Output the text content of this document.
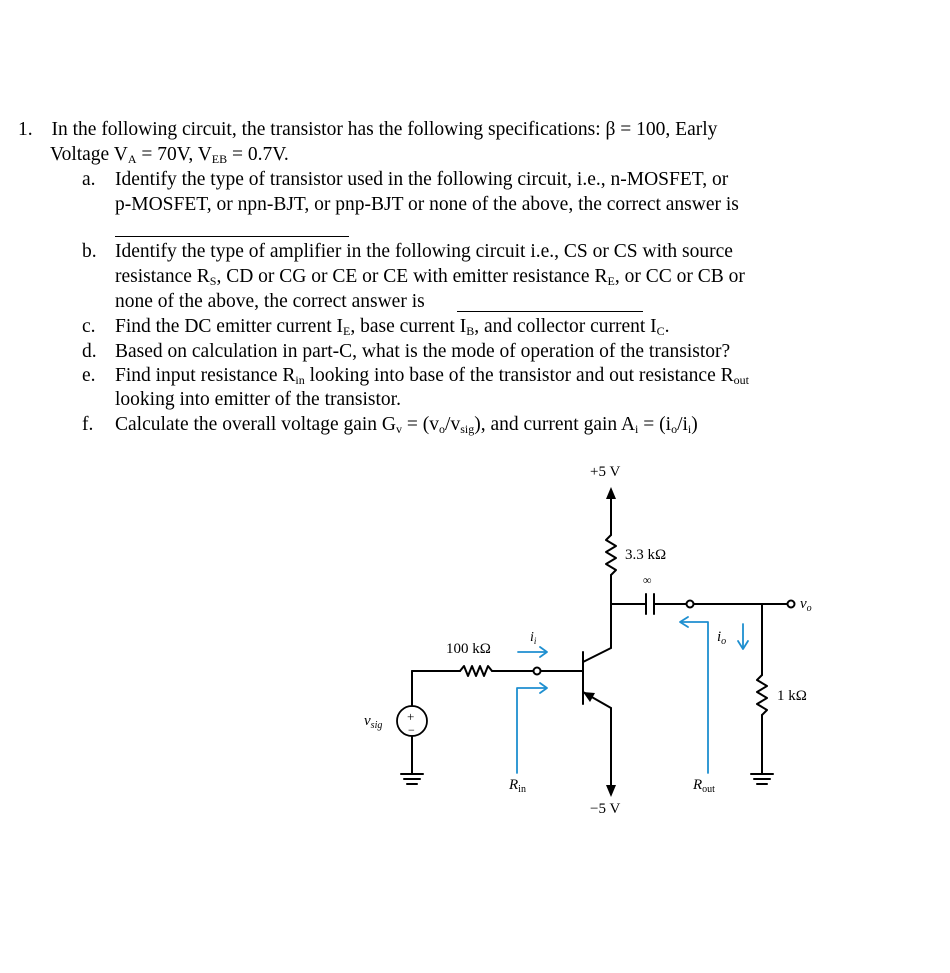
1. In the following circuit, the transistor has the following specifications: β = 100, Early
Voltage $V_A = 70V$, $V_{EB} = 0.7V$.
a. Identify the type of transistor used in the following circuit, i.e., n-MOSFET, or
p-MOSFET, or npn-BJT, or pnp-BJT or none of the above, the correct answer is
b. Identify the type of amplifier in the following circuit i.e., CS or CS with source
resistance $R_S$, CD or CG or CE or CE with emitter resistance $R_E$, or CC or CB or
none of the above, the correct answer is
c. Find the DC emitter current $I_E$, base current $I_B$, and collector current $I_C$.
d. Based on calculation in part-C, what is the mode of operation of the transistor?
e. Find input resistance $R_{in}$ looking into base of the transistor and out resistance $R_{out}$
looking into emitter of the transistor.
f. Calculate the overall voltage gain $G_v = (v_o/v_{sig})$, and current gain $A_i = (i_o/i_i)$
+5 V
−5 V
3.3 kΩ
∞
100 kΩ
1 kΩ
+
−
$v_{sig}$
$v_o$
$i_i$	$i_o$
$R_{in}$	$R_{out}$
